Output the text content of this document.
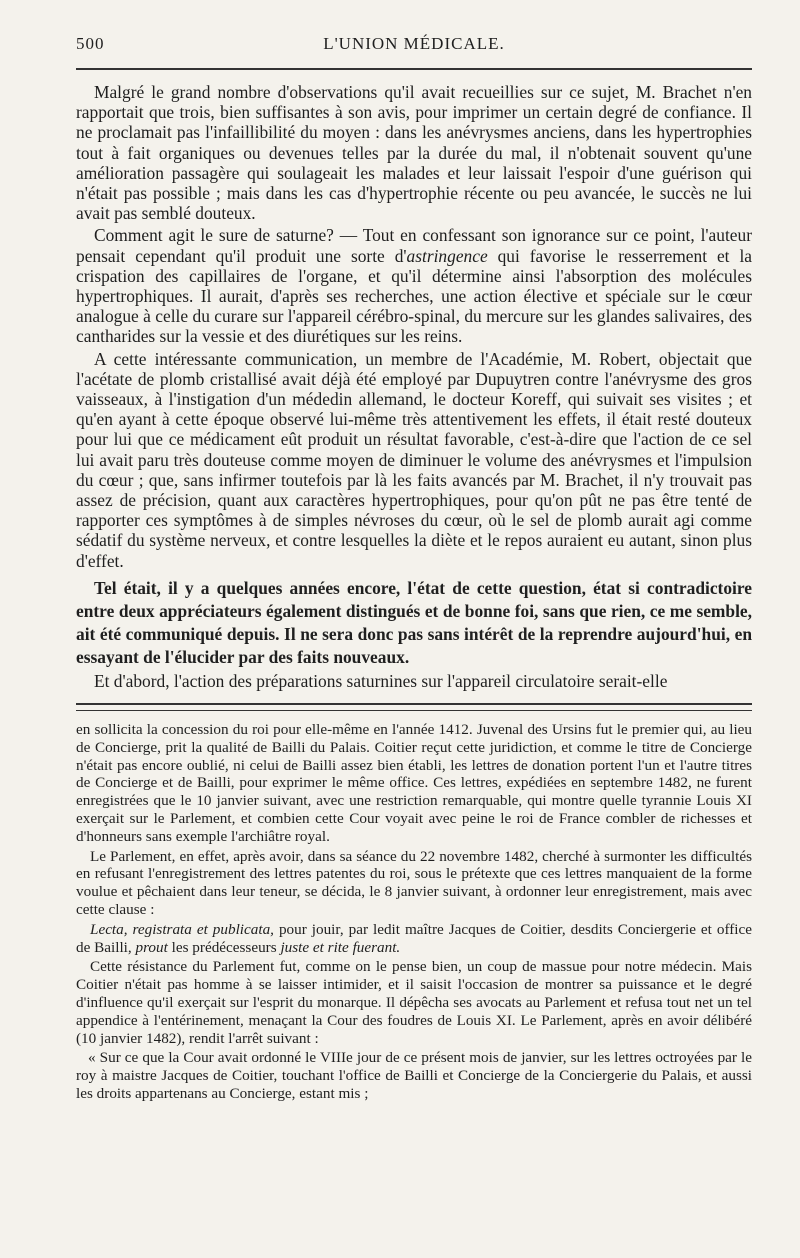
500	L'UNION MÉDICALE.

Malgré le grand nombre d'observations qu'il avait recueillies sur ce sujet, M. Brachet n'en rapportait que trois, bien suffisantes à son avis, pour imprimer un certain degré de confiance. Il ne proclamait pas l'infaillibilité du moyen : dans les anévrysmes anciens, dans les hypertrophies tout à fait organiques ou devenues telles par la durée du mal, il n'obtenait souvent qu'une amélioration passagère qui soulageait les malades et leur laissait l'espoir d'une guérison qui n'était pas possible ; mais dans les cas d'hypertrophie récente ou peu avancée, le succès ne lui avait pas semblé douteux.

Comment agit le sure de saturne? — Tout en confessant son ignorance sur ce point, l'auteur pensait cependant qu'il produit une sorte d'astringence qui favorise le resserrement et la crispation des capillaires de l'organe, et qu'il détermine ainsi l'absorption des molécules hypertrophiques. Il aurait, d'après ses recherches, une action élective et spéciale sur le cœur analogue à celle du curare sur l'appareil cérébro-spinal, du mercure sur les glandes salivaires, des cantharides sur la vessie et des diurétiques sur les reins.

A cette intéressante communication, un membre de l'Académie, M. Robert, objectait que l'acétate de plomb cristallisé avait déjà été employé par Dupuytren contre l'anévrysme des gros vaisseaux, à l'instigation d'un médedin allemand, le docteur Koreff, qui suivait ses visites ; et qu'en ayant à cette époque observé lui-même très attentivement les effets, il était resté douteux pour lui que ce médicament eût produit un résultat favorable, c'est-à-dire que l'action de ce sel lui avait paru très douteuse comme moyen de diminuer le volume des anévrysmes et l'impulsion du cœur ; que, sans infirmer toutefois par là les faits avancés par M. Brachet, il n'y trouvait pas assez de précision, quant aux caractères hypertrophiques, pour qu'on pût ne pas être tenté de rapporter ces symptômes à de simples névroses du cœur, où le sel de plomb aurait agi comme sédatif du système nerveux, et contre lesquelles la diète et le repos auraient eu autant, sinon plus d'effet.

Tel était, il y a quelques années encore, l'état de cette question, état si contradictoire entre deux appréciateurs également distingués et de bonne foi, sans que rien, ce me semble, ait été communiqué depuis. Il ne sera donc pas sans intérêt de la reprendre aujourd'hui, en essayant de l'élucider par des faits nouveaux.

Et d'abord, l'action des préparations saturnines sur l'appareil circulatoire serait-elle

en sollicita la concession du roi pour elle-même en l'année 1412. Juvenal des Ursins fut le premier qui, au lieu de Concierge, prit la qualité de Bailli du Palais. Coitier reçut cette juridiction, et comme le titre de Concierge n'était pas encore oublié, ni celui de Bailli assez bien établi, les lettres de donation portent l'un et l'autre titres de Concierge et de Bailli, pour exprimer le même office. Ces lettres, expédiées en septembre 1482, ne furent enregistrées que le 10 janvier suivant, avec une restriction remarquable, qui montre quelle tyrannie Louis XI exerçait sur le Parlement, et combien cette Cour voyait avec peine le roi de France combler de richesses et d'honneurs sans exemple l'archiâtre royal.

Le Parlement, en effet, après avoir, dans sa séance du 22 novembre 1482, cherché à surmonter les difficultés en refusant l'enregistrement des lettres patentes du roi, sous le prétexte que ces lettres manquaient de la forme voulue et pêchaient dans leur teneur, se décida, le 8 janvier suivant, à ordonner leur enregistrement, mais avec cette clause :

Lecta, registrata et publicata, pour jouir, par ledit maître Jacques de Coitier, desdits Conciergerie et office de Bailli, prout les prédécesseurs juste et rite fuerant.

Cette résistance du Parlement fut, comme on le pense bien, un coup de massue pour notre médecin. Mais Coitier n'était pas homme à se laisser intimider, et il saisit l'occasion de montrer sa puissance et le degré d'influence qu'il exerçait sur l'esprit du monarque. Il dépêcha ses avocats au Parlement et refusa tout net un tel appendice à l'entérinement, menaçant la Cour des foudres de Louis XI. Le Parlement, après en avoir délibéré (10 janvier 1482), rendit l'arrêt suivant :

« Sur ce que la Cour avait ordonné le VIIIe jour de ce présent mois de janvier, sur les lettres octroyées par le roy à maistre Jacques de Coitier, touchant l'office de Bailli et Concierge de la Conciergerie du Palais, et aussi les droits appartenans au Concierge, estant mis ;
